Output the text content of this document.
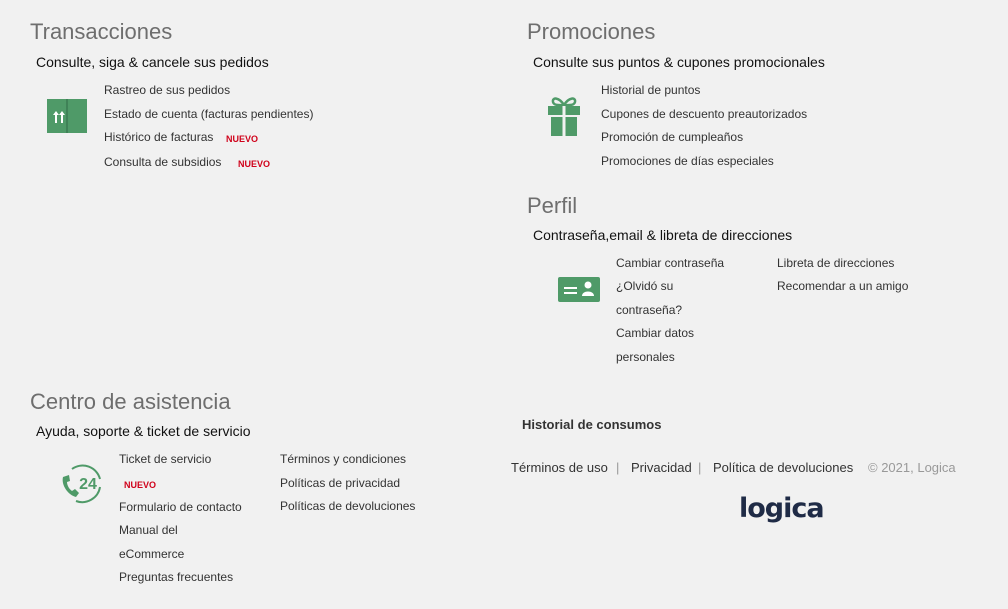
Transacciones

Consulte, siga & cancele sus pedidos

Rastreo de sus pedidos
Estado de cuenta (facturas pendientes)
Histórico de facturas NUEVO
Consulta de subsidios NUEVO
Promociones

Consulte sus puntos & cupones promocionales

Historial de puntos
Cupones de descuento preautorizados
Promoción de cumpleaños
Promociones de días especiales
Perfil

Contraseña,email & libreta de direcciones

Cambiar contraseña
¿Olvidó su
contraseña?
Cambiar datos
personales
Libreta de direcciones
Recomendar a un amigo
Centro de asistencia

Ayuda, soporte & ticket de servicio

24
Ticket de servicio
NUEVO
Formulario de contacto
Manual del
eCommerce
Preguntas frecuentes
Términos y condiciones
Políticas de privacidad
Políticas de devoluciones
Historial de consumos
Términos de uso | Privacidad | Política de devoluciones © 2021, Logica
logica
